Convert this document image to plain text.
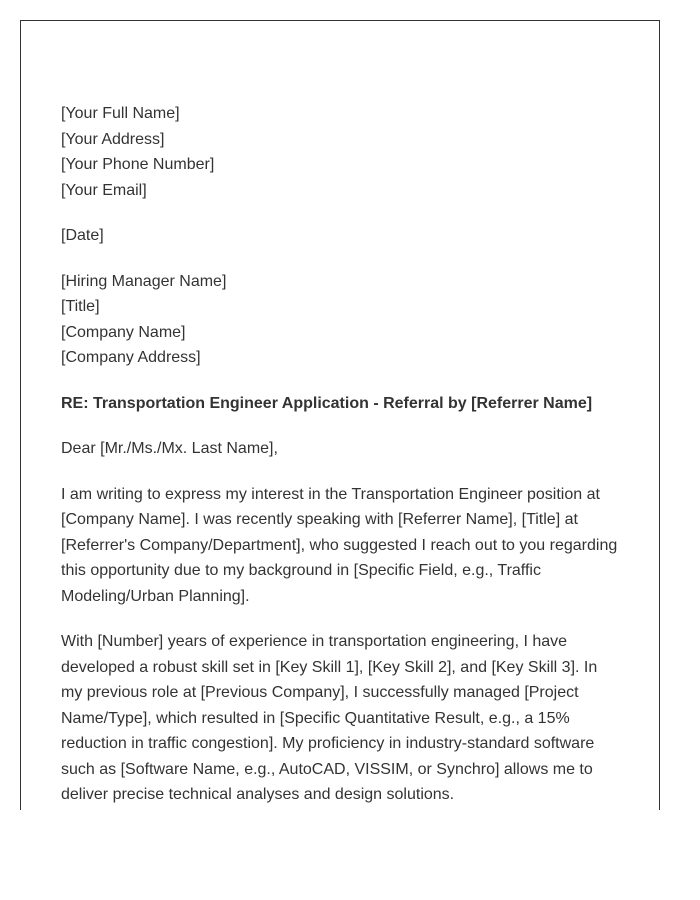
[Your Full Name]
[Your Address]
[Your Phone Number]
[Your Email]
[Date]
[Hiring Manager Name]
[Title]
[Company Name]
[Company Address]
RE: Transportation Engineer Application - Referral by [Referrer Name]
Dear [Mr./Ms./Mx. Last Name],

I am writing to express my interest in the Transportation Engineer position at
[Company Name]. I was recently speaking with [Referrer Name], [Title] at
[Referrer's Company/Department], who suggested I reach out to you regarding
this opportunity due to my background in [Specific Field, e.g., Traffic
Modeling/Urban Planning].

With [Number] years of experience in transportation engineering, I have
developed a robust skill set in [Key Skill 1], [Key Skill 2], and [Key Skill 3]. In
my previous role at [Previous Company], I successfully managed [Project
Name/Type], which resulted in [Specific Quantitative Result, e.g., a 15%
reduction in traffic congestion]. My proficiency in industry-standard software
such as [Software Name, e.g., AutoCAD, VISSIM, or Synchro] allows me to
deliver precise technical analyses and design solutions.
